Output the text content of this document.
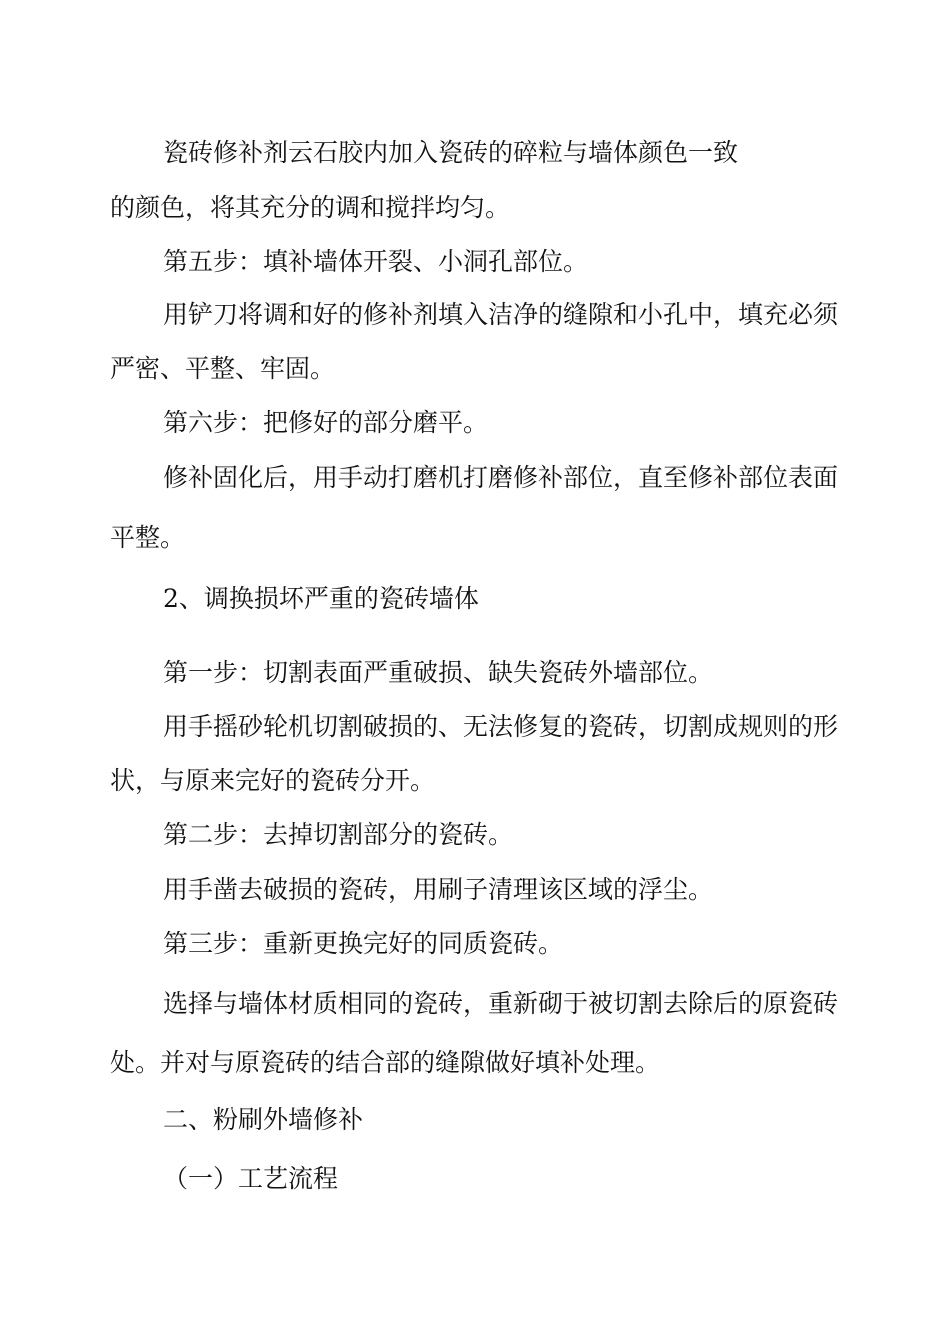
瓷砖修补剂云石胶内加入瓷砖的碎粒与墙体颜色一致
的颜色，将其充分的调和搅拌均匀。
第五步：填补墙体开裂、小洞孔部位。
用铲刀将调和好的修补剂填入洁净的缝隙和小孔中，填充必须
严密、平整、牢固。
第六步：把修好的部分磨平。
修补固化后，用手动打磨机打磨修补部位，直至修补部位表面
平整。
2、调换损坏严重的瓷砖墙体
第一步：切割表面严重破损、缺失瓷砖外墙部位。
用手摇砂轮机切割破损的、无法修复的瓷砖，切割成规则的形
状，与原来完好的瓷砖分开。
第二步：去掉切割部分的瓷砖。
用手凿去破损的瓷砖，用刷子清理该区域的浮尘。
第三步：重新更换完好的同质瓷砖。
选择与墙体材质相同的瓷砖，重新砌于被切割去除后的原瓷砖
处。并对与原瓷砖的结合部的缝隙做好填补处理。
二、粉刷外墙修补
（一）工艺流程
